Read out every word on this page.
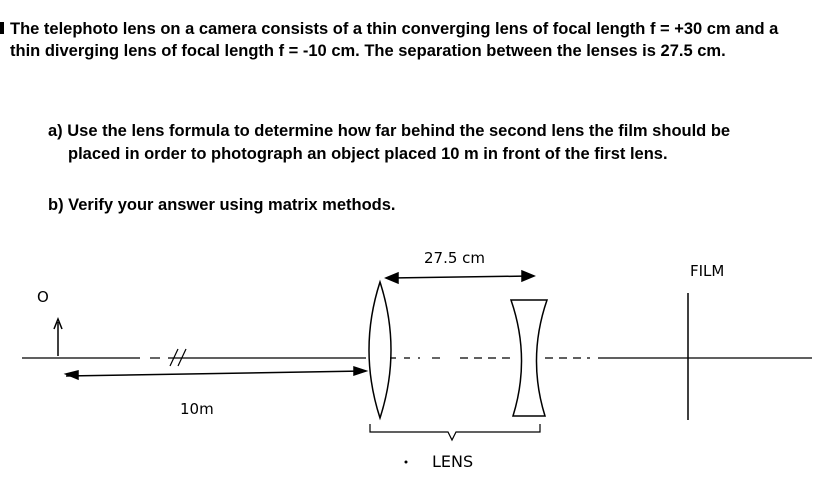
The telephoto lens on a camera consists of a thin converging lens of focal length f = +30 cm and a thin diverging lens of focal length f = -10 cm. The separation between the lenses is 27.5 cm.
a) Use the lens formula to determine how far behind the second lens the film should be
placed in order to photograph an object placed 10 m in front of the first lens.
b) Verify your answer using matrix methods.
O
27.5 cm
FILM
10m
LENS
